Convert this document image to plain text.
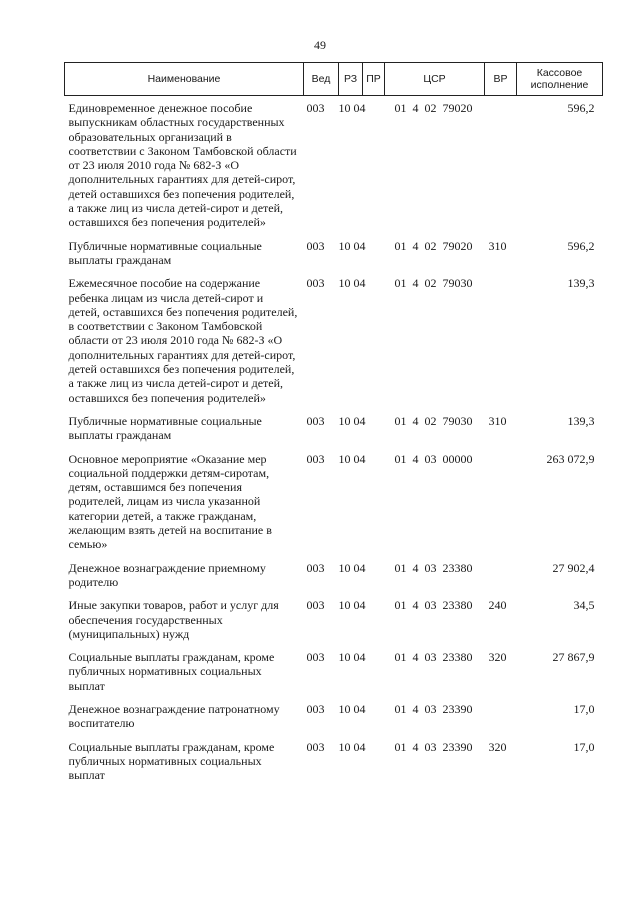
49
Наименование	Вед	РЗ	ПР	ЦСР	ВР	Кассовое исполнение
Единовременное денежное пособие выпускникам областных государственных образовательных организаций в соответствии с Законом Тамбовской области от 23 июля 2010 года № 682-З «О дополнительных гарантиях для детей-сирот, детей оставшихся без попечения родителей, а также лиц из числа детей-сирот и детей, оставшихся без попечения родителей»	003	10 04		01  4  02  79020		596,2
Публичные нормативные социальные выплаты гражданам	003	10 04		01  4  02  79020	310	596,2
Ежемесячное пособие на содержание ребенка лицам из числа детей-сирот и детей, оставшихся без попечения родителей, в соответствии с Законом Тамбовской области от 23 июля 2010 года № 682-З «О дополнительных гарантиях для детей-сирот, детей оставшихся без попечения родителей, а также лиц из числа детей-сирот и детей, оставшихся без попечения родителей»	003	10 04		01  4  02  79030		139,3
Публичные нормативные социальные выплаты гражданам	003	10 04		01  4  02  79030	310	139,3
Основное мероприятие «Оказание мер социальной поддержки детям-сиротам, детям, оставшимся без попечения родителей, лицам из числа указанной категории детей, а также гражданам, желающим взять детей на воспитание в семью»	003	10 04		01  4  03  00000		263 072,9
Денежное вознаграждение приемному родителю	003	10 04		01  4  03  23380		27 902,4
Иные закупки товаров, работ и услуг для обеспечения государственных (муниципальных) нужд	003	10 04		01  4  03  23380	240	34,5
Социальные выплаты гражданам, кроме публичных нормативных социальных выплат	003	10 04		01  4  03  23380	320	27 867,9
Денежное вознаграждение патронатному воспитателю	003	10 04		01  4  03  23390		17,0
Социальные выплаты гражданам, кроме публичных нормативных социальных выплат	003	10 04		01  4  03  23390	320	17,0
